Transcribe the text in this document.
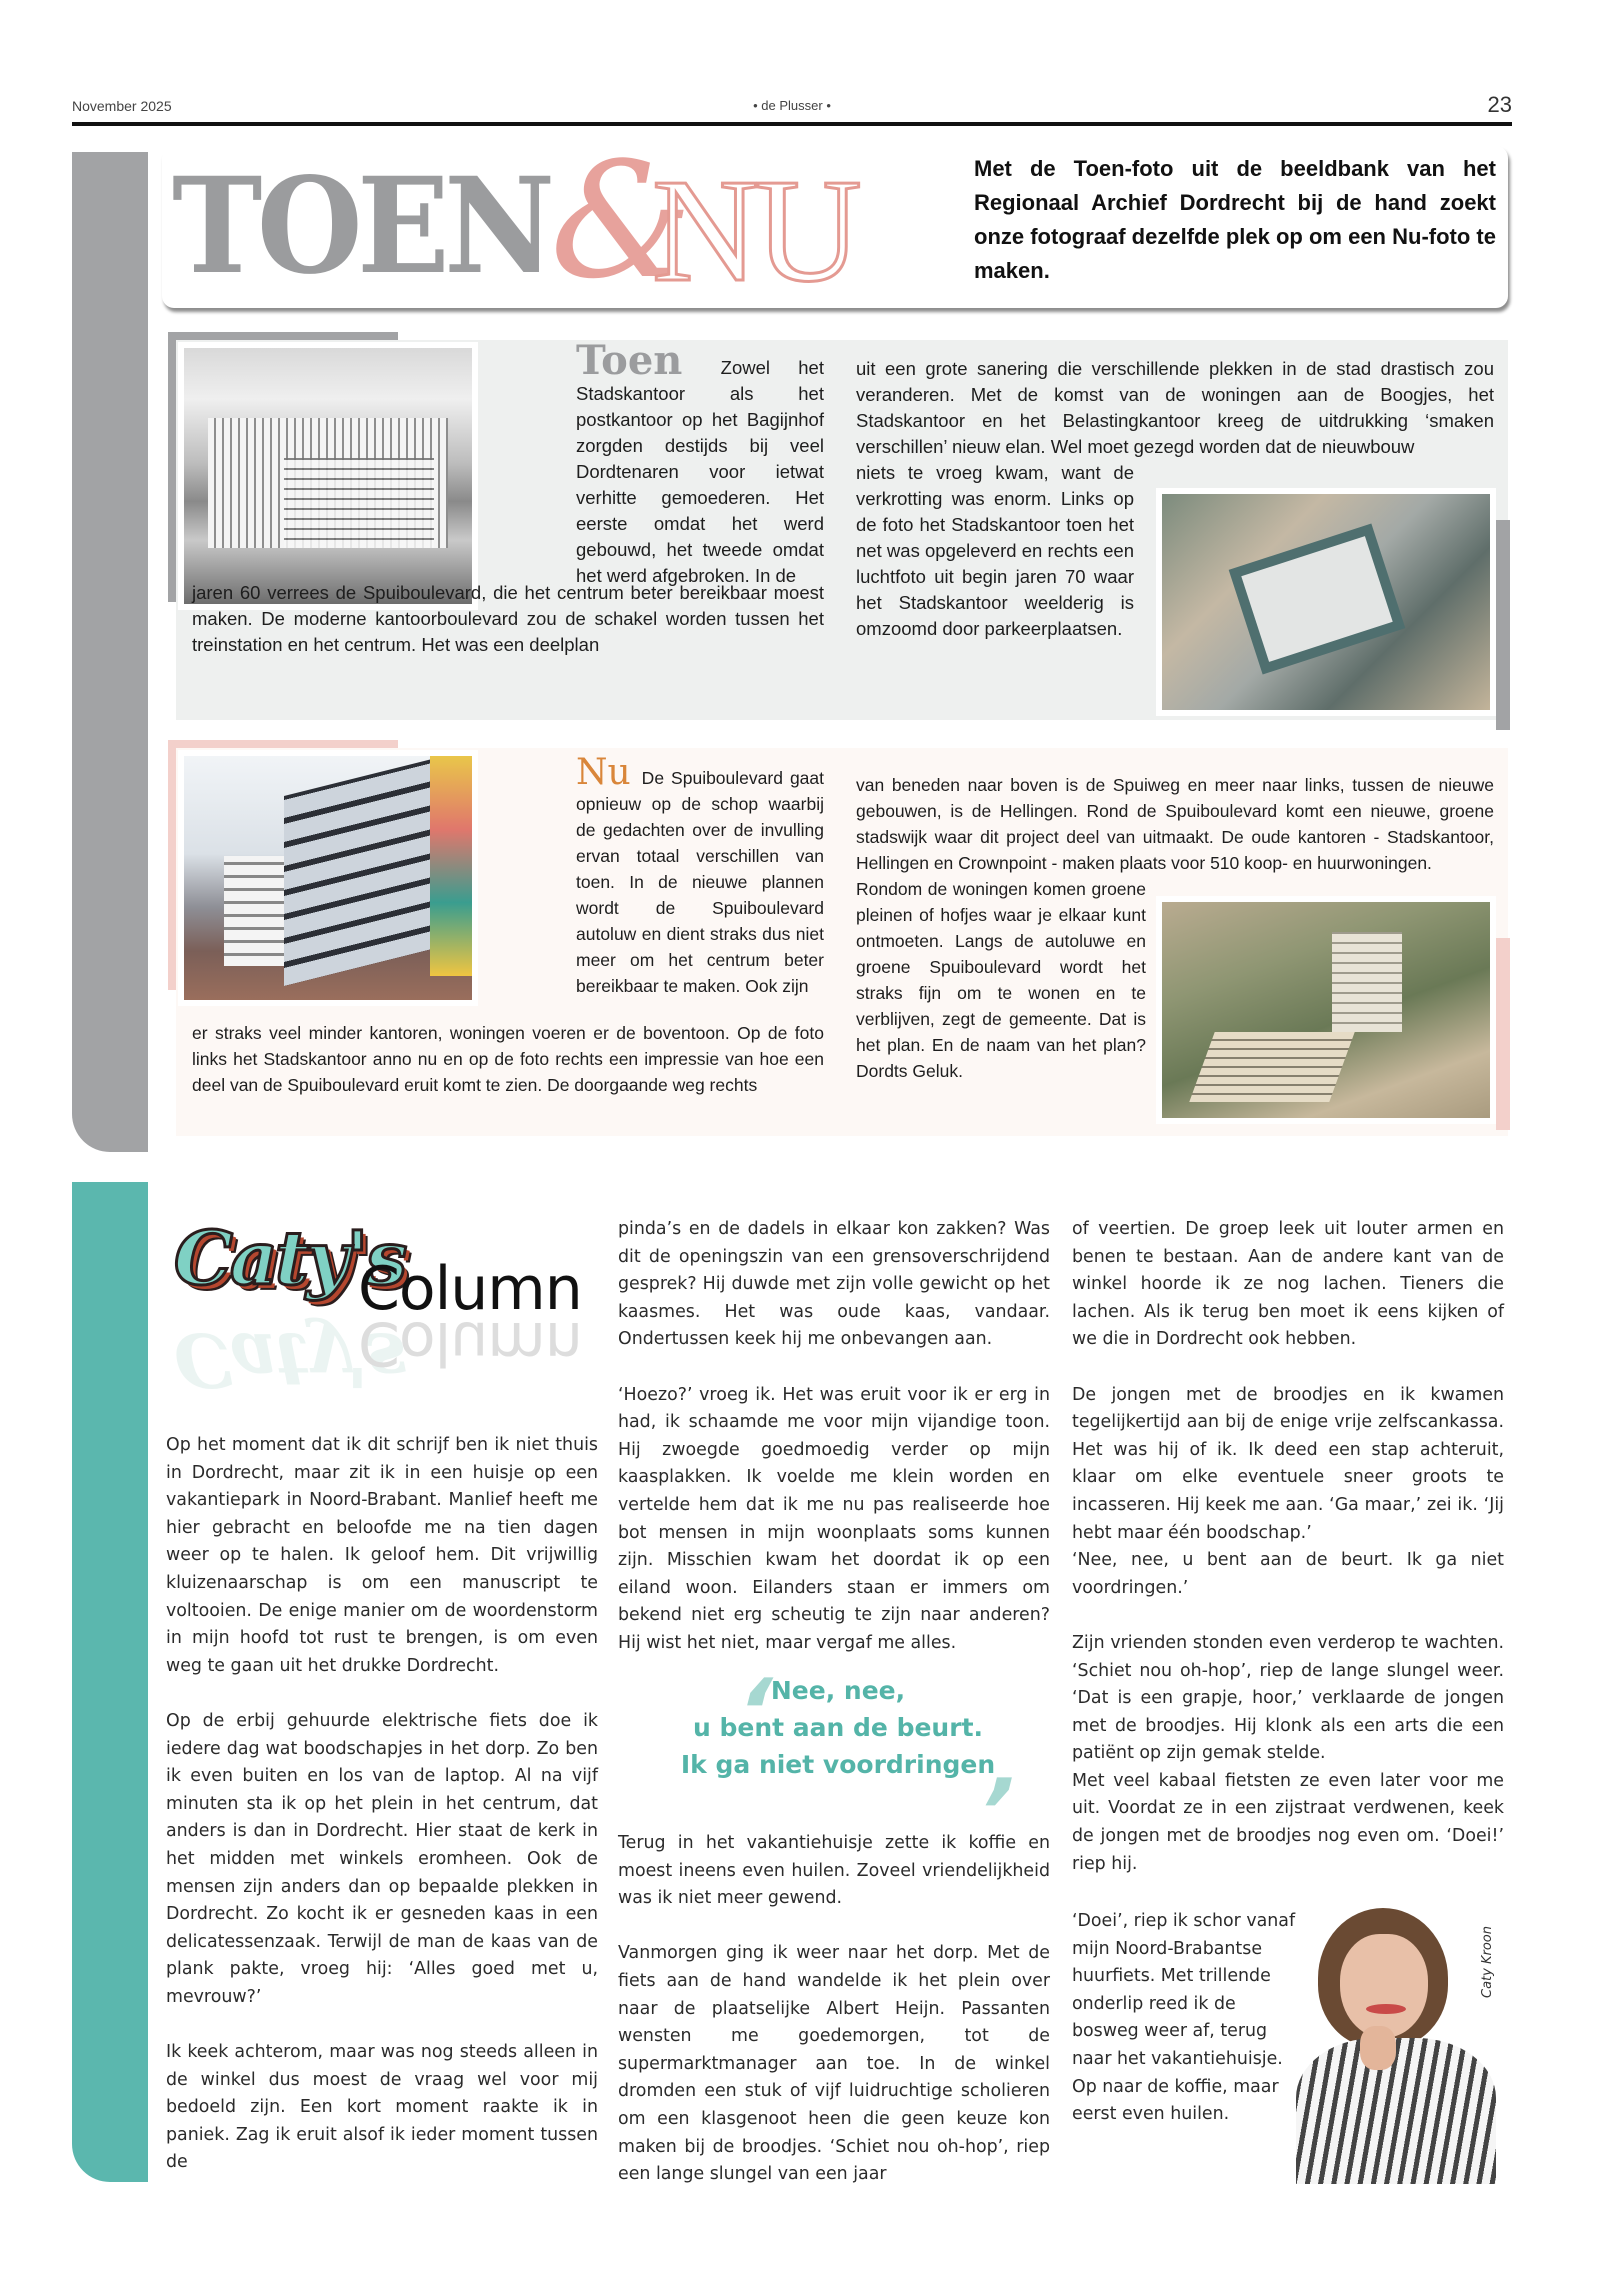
November 2025	• de Plusser •	23
SPUIBOULEVARD
VRIENDELIJKHEID
TOEN &
NU	Met de Toen-foto uit de beeldbank van het Regionaal Archief Dordrecht bij de hand zoekt onze fotograaf dezelfde plek op om een Nu-foto te maken.
Toen Zowel het Stadskantoor als het postkantoor op het Bagijnhof zorgden destijds bij veel Dordtenaren voor ietwat verhitte gemoederen. Het eerste omdat het werd gebouwd, het tweede omdat het werd afgebroken. In de
jaren 60 verrees de Spuiboulevard, die het centrum beter bereikbaar moest maken. De moderne kantoorboulevard zou de schakel worden tussen het treinstation en het centrum. Het was een deelplan
uit een grote sanering die verschillende plekken in de stad drastisch zou veranderen. Met de komst van de woningen aan de Boogjes, het Stadskantoor en het Belastingkantoor kreeg de uitdrukking ‘smaken verschillen’ nieuw elan. Wel moet gezegd worden dat de nieuwbouw
niets te vroeg kwam, want de verkrotting was enorm. Links op de foto het Stadskantoor toen het net was opgeleverd en rechts een luchtfoto uit begin jaren 70 waar het Stadskantoor weelderig is omzoomd door parkeerplaatsen.
Nu De Spuiboulevard gaat opnieuw op de schop waarbij de gedachten over de invulling ervan totaal verschillen van toen. In de nieuwe plannen wordt de Spuiboulevard autoluw en dient straks dus niet meer om het centrum beter bereikbaar te maken. Ook zijn
er straks veel minder kantoren, woningen voeren er de boventoon. Op de foto links het Stadskantoor anno nu en op de foto rechts een impressie van hoe een deel van de Spuiboulevard eruit komt te zien. De doorgaande weg rechts
van beneden naar boven is de Spuiweg en meer naar links, tussen de nieuwe gebouwen, is de Hellingen. Rond de Spuiboulevard komt een nieuwe, groene stadswijk waar dit project deel van uitmaakt. De oude kantoren - Stadskantoor, Hellingen en Crownpoint - maken plaats voor 510 koop- en huurwoningen.
Rondom de woningen komen groene pleinen of hofjes waar je elkaar kunt ontmoeten. Langs de autoluwe en groene Spuiboulevard wordt het straks fijn om te wonen en te verblijven, zegt de gemeente. Dat is het plan. En de naam van het plan? Dordts Geluk.
Caty's
Column
Caty's
Column

Op het moment dat ik dit schrijf ben ik niet thuis in Dordrecht, maar zit ik in een huisje op een vakantiepark in Noord-Brabant. Manlief heeft me hier gebracht en beloofde me na tien dagen weer op te halen. Ik geloof hem. Dit vrijwillig kluizenaarschap is om een manuscript te voltooien. De enige manier om de woordenstorm in mijn hoofd tot rust te brengen, is om even weg te gaan uit het drukke Dordrecht.

Op de erbij gehuurde elektrische fiets doe ik iedere dag wat boodschapjes in het dorp. Zo ben ik even buiten en los van de laptop. Al na vijf minuten sta ik op het plein in het centrum, dat anders is dan in Dordrecht. Hier staat de kerk in het midden met winkels eromheen. Ook de mensen zijn anders dan op bepaalde plekken in Dordrecht. Zo kocht ik er gesneden kaas in een delicatessenzaak. Terwijl de man de kaas van de plank pakte, vroeg hij: ‘Alles goed met u, mevrouw?’

Ik keek achterom, maar was nog steeds alleen in de winkel dus moest de vraag wel voor mij bedoeld zijn. Een kort moment raakte ik in paniek. Zag ik eruit alsof ik ieder moment tussen de

pinda’s en de dadels in elkaar kon zakken? Was dit de openingszin van een grensoverschrijdend gesprek? Hij duwde met zijn volle gewicht op het kaasmes. Het was oude kaas, vandaar. Ondertussen keek hij me onbevangen aan.

‘Hoezo?’ vroeg ik. Het was eruit voor ik er erg in had, ik schaamde me voor mijn vijandige toon. Hij zwoegde goedmoedig verder op mijn kaasplakken. Ik voelde me klein worden en vertelde hem dat ik me nu pas realiseerde hoe bot mensen in mijn woonplaats soms kunnen zijn. Misschien kwam het doordat ik op een eiland woon. Eilanders staan er immers om bekend niet erg scheutig te zijn naar anderen? Hij wist het niet, maar vergaf me alles.

‘
Nee, nee,
u bent aan de beurt.
Ik ga niet voordringen
’

Terug in het vakantiehuisje zette ik koffie en moest ineens even huilen. Zoveel vriendelijkheid was ik niet meer gewend.

Vanmorgen ging ik weer naar het dorp. Met de fiets aan de hand wandelde ik het plein over naar de plaatselijke Albert Heijn. Passanten wensten me goedemorgen, tot de supermarktmanager aan toe. In de winkel dromden een stuk of vijf luidruchtige scholieren om een klasgenoot heen die geen keuze kon maken bij de broodjes. ‘Schiet nou oh-hop’, riep een lange slungel van een jaar

of veertien. De groep leek uit louter armen en benen te bestaan. Aan de andere kant van de winkel hoorde ik ze nog lachen. Tieners die lachen. Als ik terug ben moet ik eens kijken of we die in Dordrecht ook hebben.

De jongen met de broodjes en ik kwamen tegelijkertijd aan bij de enige vrije zelfscankassa. Het was hij of ik. Ik deed een stap achteruit, klaar om elke eventuele sneer groots te incasseren. Hij keek me aan. ‘Ga maar,’ zei ik. ‘Jij hebt maar één boodschap.’

‘Nee, nee, u bent aan de beurt. Ik ga niet voordringen.’

Zijn vrienden stonden even verderop te wachten. ‘Schiet nou oh-hop’, riep de lange slungel weer. ‘Dat is een grapje, hoor,’ verklaarde de jongen met de broodjes. Hij klonk als een arts die een patiënt op zijn gemak stelde.

Met veel kabaal fietsten ze even later voor me uit. Voordat ze in een zijstraat verdwenen, keek de jongen met de broodjes nog even om. ‘Doei!’ riep hij.

‘Doei’, riep ik schor vanaf mijn Noord-Brabantse huurfiets. Met trillende onderlip reed ik de bosweg weer af, terug naar het vakantiehuisje. Op naar de koffie, maar eerst even huilen.
Caty Kroon
